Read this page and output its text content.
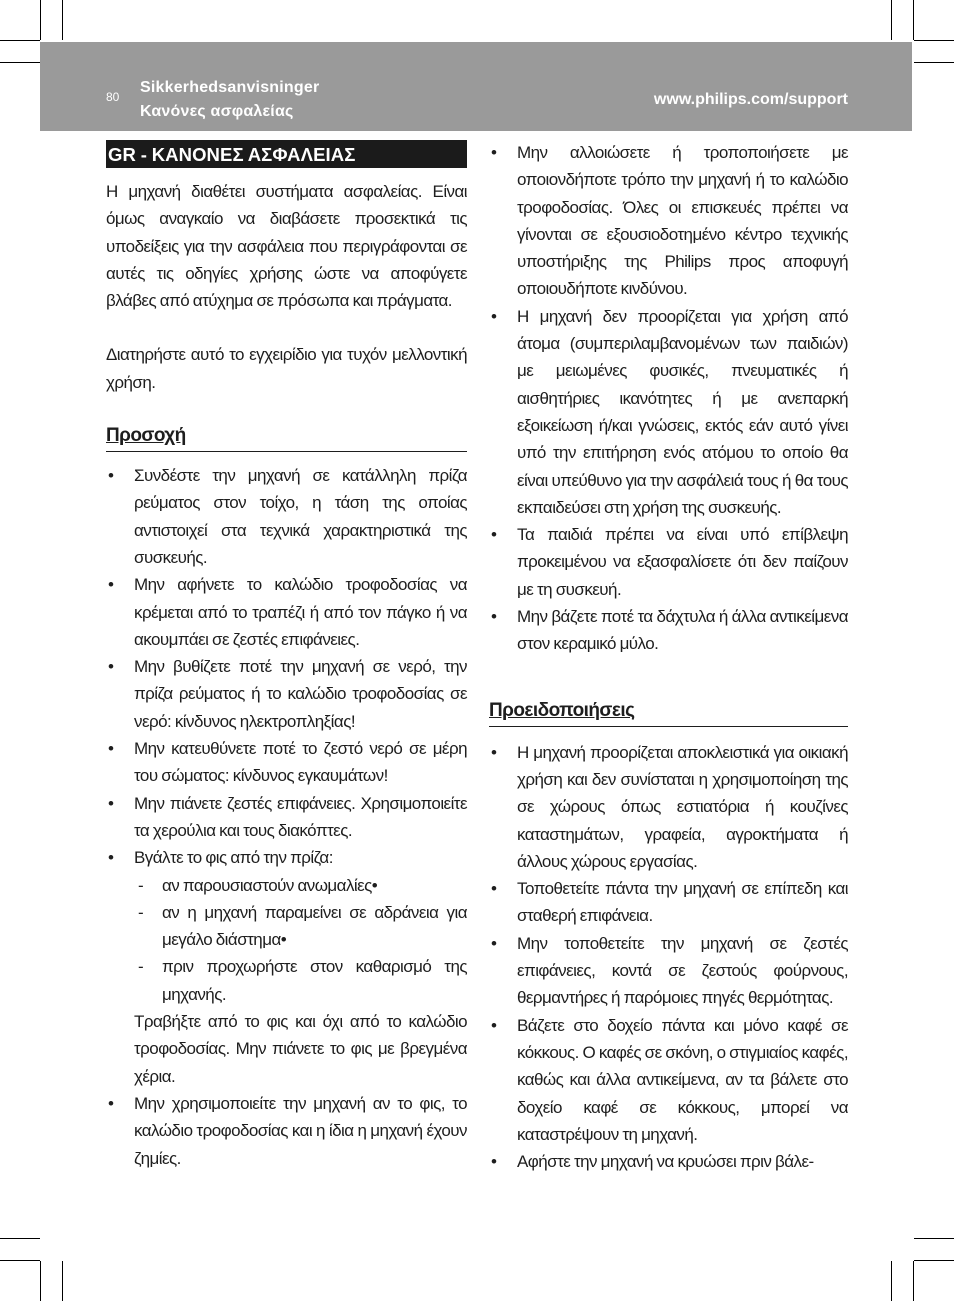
80
Sikkerhedsanvisninger
Κανόνες ασφαλείας
www.philips.com/support
GR - ΚΑΝΟΝΕΣ ΑΣΦΑΛΕΙΑΣ

Η μηχανή διαθέτει συστήματα ασφαλείας. Είναι όμως αναγκαίο να διαβάσετε προσεκτικά τις υποδείξεις για την ασφάλεια που περιγράφονται σε αυτές τις οδηγίες χρήσης ώστε να αποφύγετε βλάβες από ατύχημα σε πρόσωπα και πράγματα.

Διατηρήστε αυτό το εγχειρίδιο για τυχόν μελλοντική χρήση.

Προσοχή
• Συνδέστε την μηχανή σε κατάλληλη πρίζα ρεύματος στον τοίχο, η τάση της οποίας αντιστοιχεί στα τεχνικά χαρακτηριστικά της συσκευής.
• Μην αφήνετε το καλώδιο τροφοδοσίας να κρέμεται από το τραπέζι ή από τον πάγκο ή να ακουμπάει σε ζεστές επιφάνειες.
• Μην βυθίζετε ποτέ την μηχανή σε νερό, την πρίζα ρεύματος ή το καλώδιο τροφοδοσίας σε νερό: κίνδυνος ηλεκτροπληξίας!
• Μην κατευθύνετε ποτέ το ζεστό νερό σε μέρη του σώματος: κίνδυνος εγκαυμάτων!
• Μην πιάνετε ζεστές επιφάνειες. Χρησιμοποιείτε τα χερούλια και τους διακόπτες.
• Βγάλτε το φις από την πρίζα:
- αν παρουσιαστούν ανωμαλίες•
- αν η μηχανή παραμείνει σε αδράνεια για μεγάλο διάστημα•
- πριν προχωρήστε στον καθαρισμό της μηχανής.

Τραβήξτε από το φις και όχι από το καλώδιο τροφοδοσίας. Μην πιάνετε το φις με βρεγμένα χέρια.

• Μην χρησιμοποιείτε την μηχανή αν το φις, το καλώδιο τροφοδοσίας και η ίδια η μηχανή έχουν ζημίες.
• Μην αλλοιώσετε ή τροποποιήσετε με οποιονδήποτε τρόπο την μηχανή ή το καλώδιο τροφοδοσίας. Όλες οι επισκευές πρέπει να γίνονται σε εξουσιοδοτημένο κέντρο τεχνικής υποστήριξης της Philips προς αποφυγή οποιουδήποτε κινδύνου.
• Η μηχανή δεν προορίζεται για χρήση από άτομα (συμπεριλαμβανομένων των παιδιών) με μειωμένες φυσικές, πνευματικές ή αισθητήριες ικανότητες ή με ανεπαρκή εξοικείωση ή/και γνώσεις, εκτός εάν αυτό γίνει υπό την επιτήρηση ενός ατόμου το οποίο θα είναι υπεύθυνο για την ασφάλειά τους ή θα τους εκπαιδεύσει στη χρήση της συσκευής.
• Τα παιδιά πρέπει να είναι υπό επίβλεψη προκειμένου να εξασφαλίσετε ότι δεν παίζουν με τη συσκευή.
• Μην βάζετε ποτέ τα δάχτυλα ή άλλα αντικείμενα στον κεραμικό μύλο.
Προειδοποιήσεις
• Η μηχανή προορίζεται αποκλειστικά για οικιακή χρήση και δεν συνίσταται η χρησιμοποίηση της σε χώρους όπως εστιατόρια ή κουζίνες καταστημάτων, γραφεία, αγροκτήματα ή άλλους χώρους εργασίας.
• Τοποθετείτε πάντα την μηχανή σε επίπεδη και σταθερή επιφάνεια.
• Μην τοποθετείτε την μηχανή σε ζεστές επιφάνειες, κοντά σε ζεστούς φούρνους, θερμαντήρες ή παρόμοιες πηγές θερμότητας.
• Βάζετε στο δοχείο πάντα και μόνο καφέ σε κόκκους. Ο καφές σε σκόνη, ο στιγμιαίος καφές, καθώς και άλλα αντικείμενα, αν τα βάλετε στο δοχείο καφέ σε κόκκους, μπορεί να καταστρέψουν τη μηχανή.
• Αφήστε την μηχανή να κρυώσει πριν βάλε-
